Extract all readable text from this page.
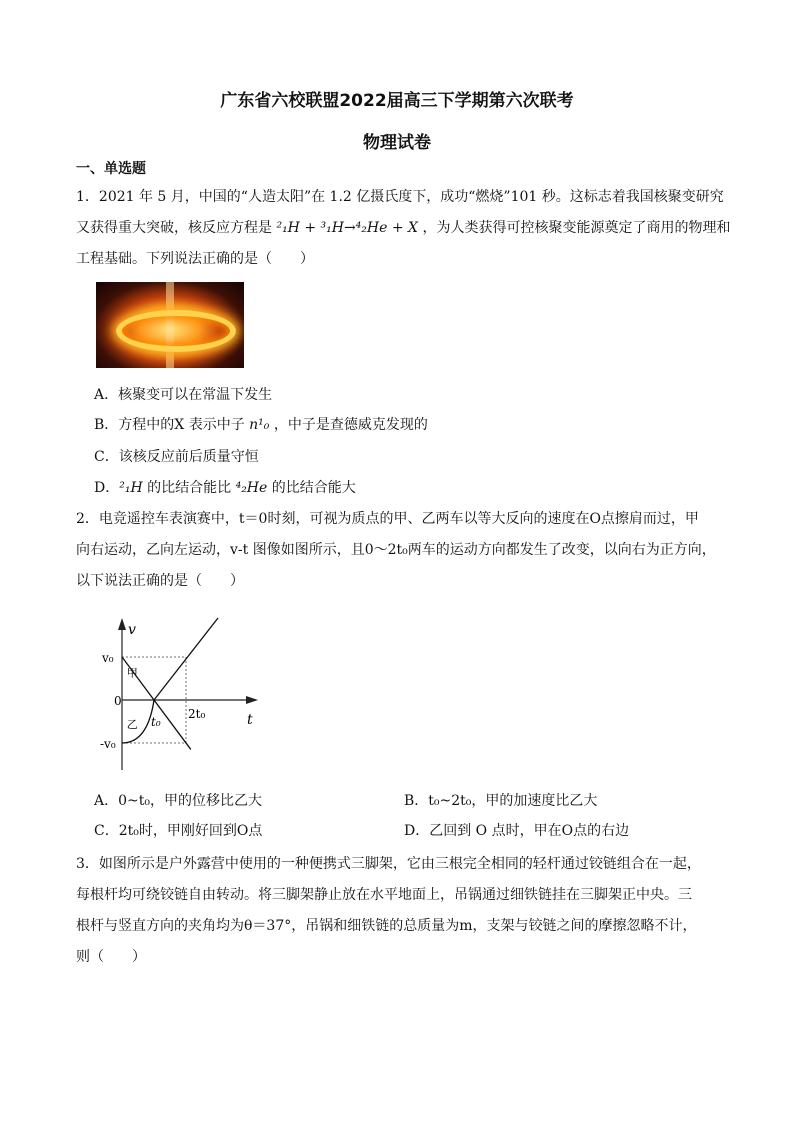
广东省六校联盟2022届高三下学期第六次联考
物理试卷
一、单选题
1．2021 年 5 月，中国的“人造太阳”在 1.2 亿摄氏度下，成功“燃烧”101 秒。这标志着我国核聚变研究
又获得重大突破，核反应方程是 ²₁H + ³₁H→⁴₂He + X ，为人类获得可控核聚变能源奠定了商用的物理和
工程基础。下列说法正确的是（　　）
A．核聚变可以在常温下发生
B．方程中的X 表示中子 n¹₀ ，中子是查德威克发现的
C．该核反应前后质量守恒
D．²₁H 的比结合能比 ⁴₂He 的比结合能大
2．电竞遥控车表演赛中，t＝0时刻，可视为质点的甲、乙两车以等大反向的速度在O点擦肩而过，甲
向右运动，乙向左运动，v-t 图像如图所示，且0～2t₀两车的运动方向都发生了改变，以向右为正方向，
以下说法正确的是（　　）
v
t
v₀
0
-v₀
t₀
2t₀
甲
乙
A．0~t₀，甲的位移比乙大	B．t₀~2t₀，甲的加速度比乙大
C．2t₀时，甲刚好回到O点	D．乙回到 O 点时，甲在O点的右边
3．如图所示是户外露营中使用的一种便携式三脚架，它由三根完全相同的轻杆通过铰链组合在一起，
每根杆均可绕铰链自由转动。将三脚架静止放在水平地面上，吊锅通过细铁链挂在三脚架正中央。三
根杆与竖直方向的夹角均为θ＝37°，吊锅和细铁链的总质量为m，支架与铰链之间的摩擦忽略不计，
则（　　）
